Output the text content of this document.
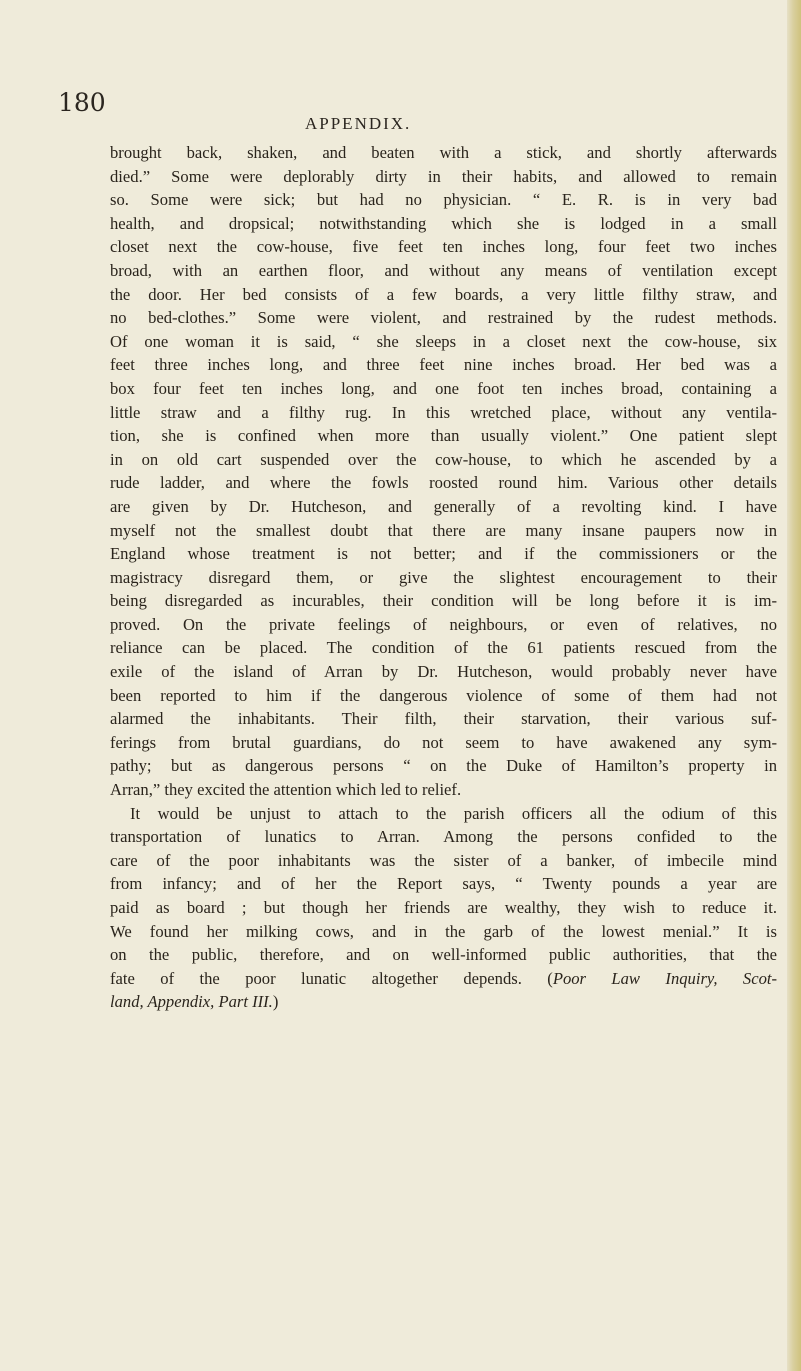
180
APPENDIX.
brought back, shaken, and beaten with a stick, and shortly afterwards
died.” Some were deplorably dirty in their habits, and allowed to remain
so. Some were sick; but had no physician. “ E. R. is in very bad
health, and dropsical; notwithstanding which she is lodged in a small
closet next the cow-house, five feet ten inches long, four feet two inches
broad, with an earthen floor, and without any means of ventilation except
the door. Her bed consists of a few boards, a very little filthy straw, and
no bed-clothes.” Some were violent, and restrained by the rudest methods.
Of one woman it is said, “ she sleeps in a closet next the cow-house, six
feet three inches long, and three feet nine inches broad. Her bed was a
box four feet ten inches long, and one foot ten inches broad, containing a
little straw and a filthy rug. In this wretched place, without any ventila-
tion, she is confined when more than usually violent.” One patient slept
in on old cart suspended over the cow-house, to which he ascended by a
rude ladder, and where the fowls roosted round him. Various other details
are given by Dr. Hutcheson, and generally of a revolting kind. I have
myself not the smallest doubt that there are many insane paupers now in
England whose treatment is not better; and if the commissioners or the
magistracy disregard them, or give the slightest encouragement to their
being disregarded as incurables, their condition will be long before it is im-
proved. On the private feelings of neighbours, or even of relatives, no
reliance can be placed. The condition of the 61 patients rescued from the
exile of the island of Arran by Dr. Hutcheson, would probably never have
been reported to him if the dangerous violence of some of them had not
alarmed the inhabitants. Their filth, their starvation, their various suf-
ferings from brutal guardians, do not seem to have awakened any sym-
pathy; but as dangerous persons “ on the Duke of Hamilton’s property in
Arran,” they excited the attention which led to relief.
It would be unjust to attach to the parish officers all the odium of this
transportation of lunatics to Arran. Among the persons confided to the
care of the poor inhabitants was the sister of a banker, of imbecile mind
from infancy; and of her the Report says, “ Twenty pounds a year are
paid as board ; but though her friends are wealthy, they wish to reduce it.
We found her milking cows, and in the garb of the lowest menial.” It is
on the public, therefore, and on well-informed public authorities, that the
fate of the poor lunatic altogether depends. (Poor Law Inquiry, Scot-
land, Appendix, Part III.)
